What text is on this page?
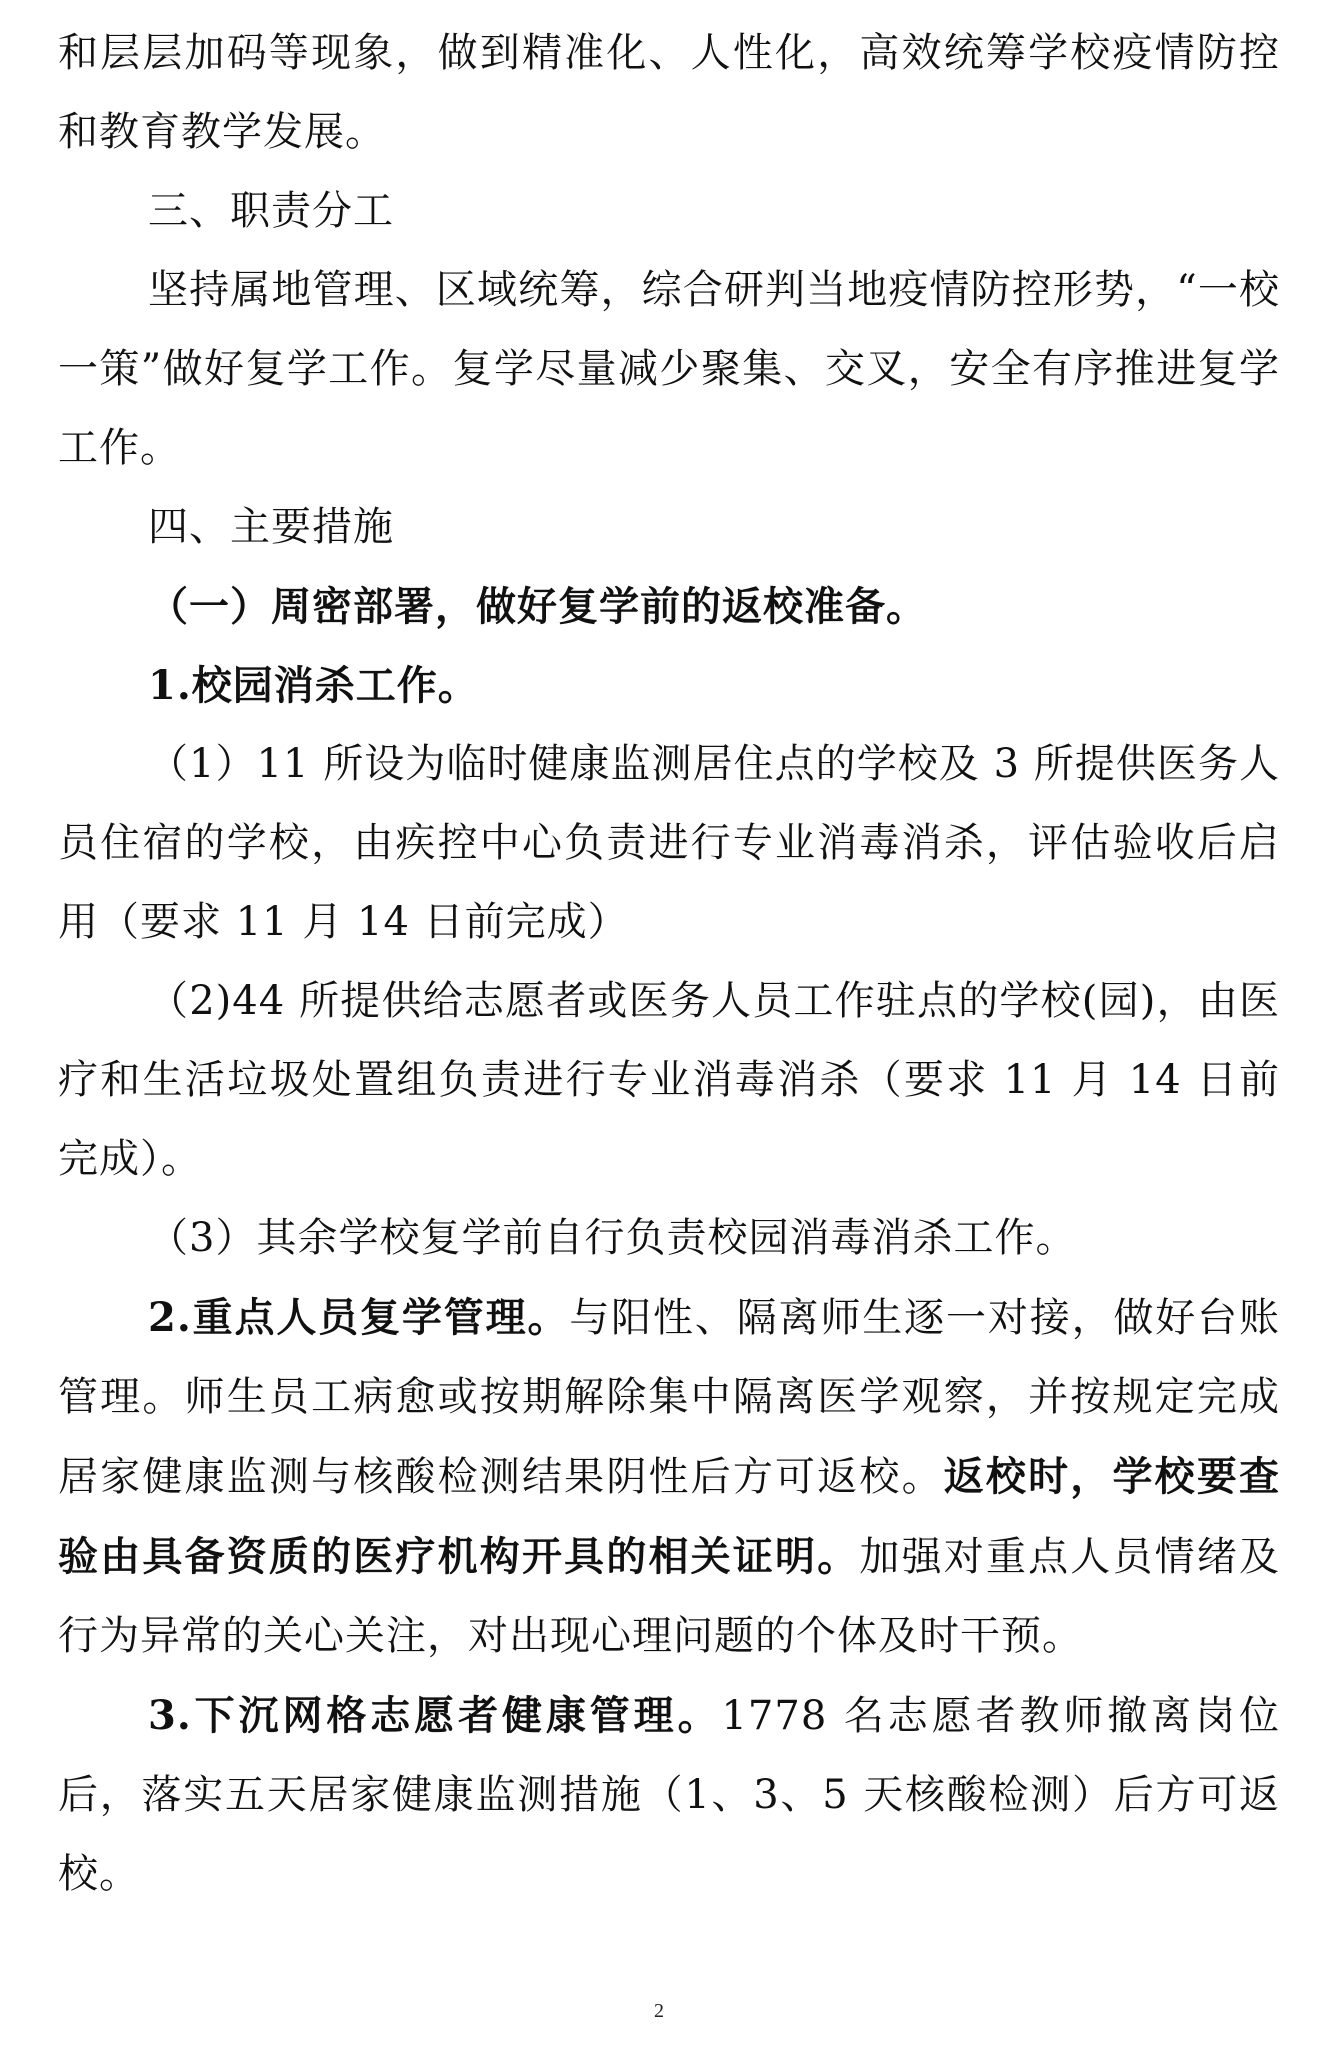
和层层加码等现象，做到精准化、人性化，高效统筹学校疫情防控和教育教学发展。

三、职责分工

坚持属地管理、区域统筹，综合研判当地疫情防控形势，“一校一策”做好复学工作。复学尽量减少聚集、交叉，安全有序推进复学工作。

四、主要措施

（一）周密部署，做好复学前的返校准备。

1.校园消杀工作。

（1）11 所设为临时健康监测居住点的学校及 3 所提供医务人员住宿的学校，由疾控中心负责进行专业消毒消杀，评估验收后启用（要求 11 月 14 日前完成）

（2)44 所提供给志愿者或医务人员工作驻点的学校(园)，由医疗和生活垃圾处置组负责进行专业消毒消杀（要求 11 月 14 日前完成）。

（3）其余学校复学前自行负责校园消毒消杀工作。

2.重点人员复学管理。与阳性、隔离师生逐一对接，做好台账管理。师生员工病愈或按期解除集中隔离医学观察，并按规定完成居家健康监测与核酸检测结果阴性后方可返校。返校时，学校要查验由具备资质的医疗机构开具的相关证明。加强对重点人员情绪及行为异常的关心关注，对出现心理问题的个体及时干预。

3.下沉网格志愿者健康管理。1778 名志愿者教师撤离岗位后，落实五天居家健康监测措施（1、3、5 天核酸检测）后方可返校。

2
